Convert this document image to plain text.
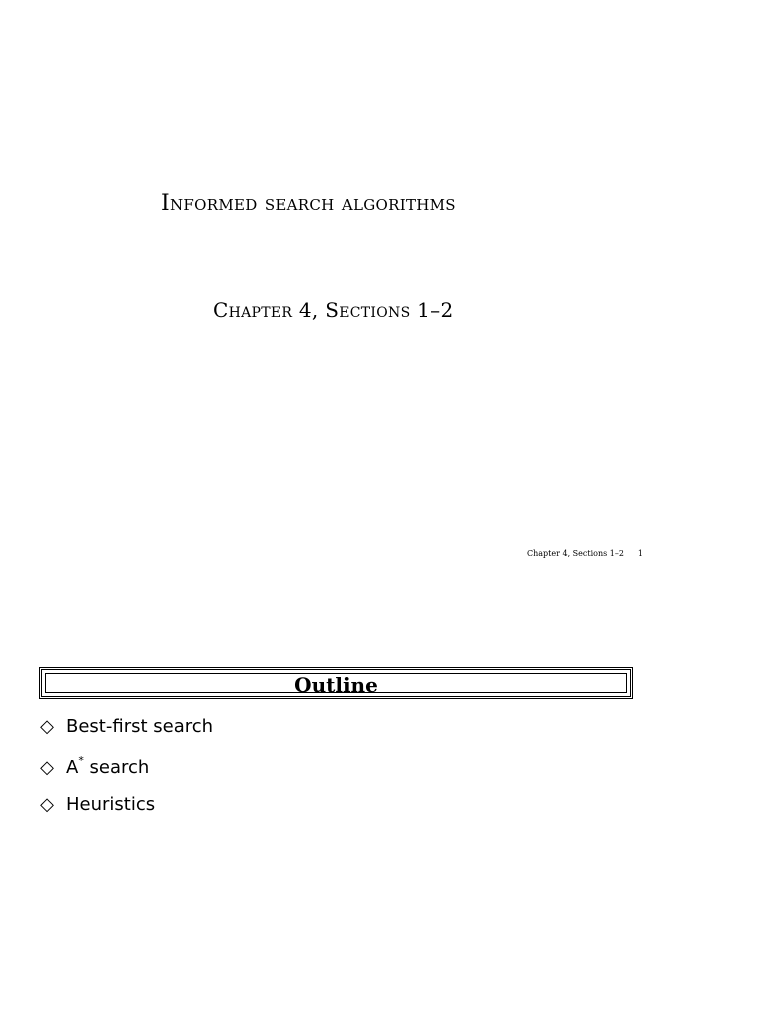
Informed search algorithms
Chapter 4, Sections 1–2
Chapter 4, Sections 1–2 1
Outline
◇ Best-first search
◇ A* search
◇ Heuristics
